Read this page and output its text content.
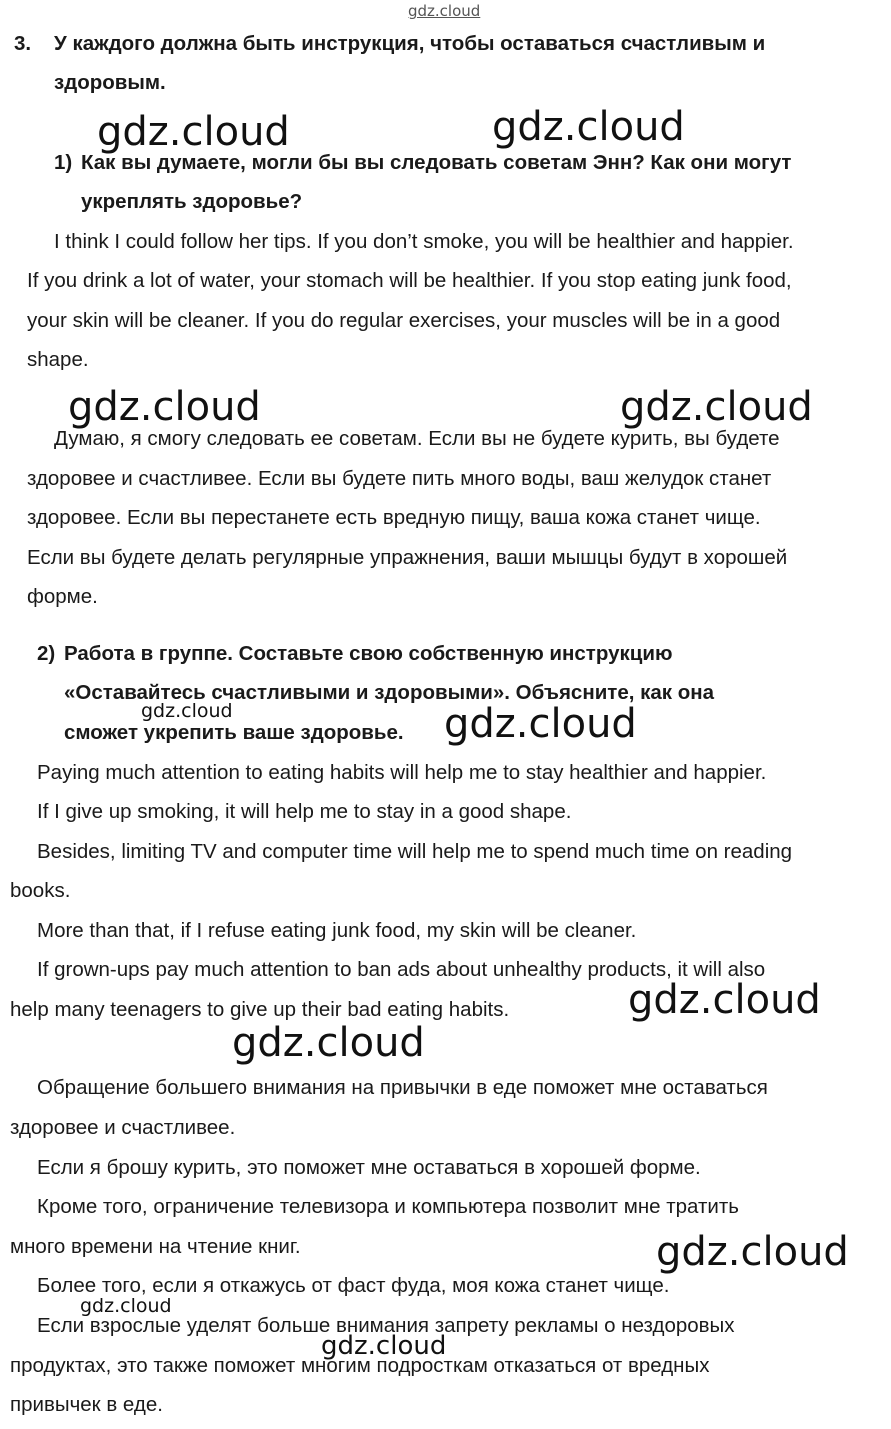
gdz.cloud
3. У каждого должна быть инструкция, чтобы оставаться счастливым и
здоровым.
gdz.cloud	gdz.cloud
1) Как вы думаете, могли бы вы следовать советам Энн? Как они могут
укреплять здоровье?
I think I could follow her tips. If you don’t smoke, you will be healthier and happier.
If you drink a lot of water, your stomach will be healthier. If you stop eating junk food,
your skin will be cleaner. If you do regular exercises, your muscles will be in a good
shape.
gdz.cloud	gdz.cloud
Думаю, я смогу следовать ее советам. Если вы не будете курить, вы будете
здоровее и счастливее. Если вы будете пить много воды, ваш желудок станет
здоровее. Если вы перестанете есть вредную пищу, ваша кожа станет чище.
Если вы будете делать регулярные упражнения, ваши мышцы будут в хорошей
форме.
2) Работа в группе. Составьте свою собственную инструкцию
«Оставайтесь счастливыми и здоровыми». Объясните, как она
сможет укрепить ваше здоровье.
gdz.cloud	gdz.cloud
Paying much attention to eating habits will help me to stay healthier and happier.
If I give up smoking, it will help me to stay in a good shape.
Besides, limiting TV and computer time will help me to spend much time on reading
books.
More than that, if I refuse eating junk food, my skin will be cleaner.
If grown-ups pay much attention to ban ads about unhealthy products, it will also
help many teenagers to give up their bad eating habits.	gdz.cloud
gdz.cloud
Обращение большего внимания на привычки в еде поможет мне оставаться
здоровее и счастливее.
Если я брошу курить, это поможет мне оставаться в хорошей форме.
Кроме того, ограничение телевизора и компьютера позволит мне тратить
много времени на чтение книг.	gdz.cloud
Более того, если я откажусь от фаст фуда, моя кожа станет чище.
gdz.cloud
Если взрослые уделят больше внимания запрету рекламы о нездоровых
продуктах, это также поможет многим подросткам отказаться от вредных
gdz.cloud
привычек в еде.
